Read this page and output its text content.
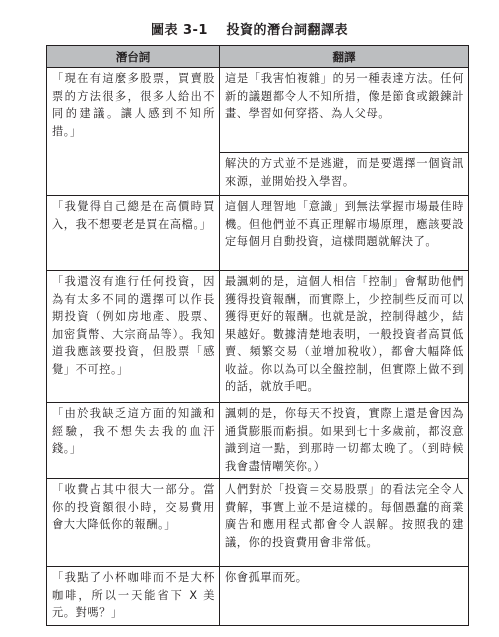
圖表 3-1　 投資的潛台詞翻譯表
潛台詞	翻譯

「現在有這麼多股票，買賣股票的方法很多，很多人給出不同的建議。讓人感到不知所措。」	這是「我害怕複雜」的另一種表達方法。任何新的議題都令人不知所措，像是節食或鍛鍊計畫、學習如何穿搭、為人父母。
解決的方式並不是逃避，而是要選擇一個資訊來源，並開始投入學習。

「我覺得自己總是在高價時買入，我不想要老是買在高檔。」	這個人理智地「意識」到無法掌握市場最佳時機。但他們並不真正理解市場原理，應該要設定每個月自動投資，這樣問題就解決了。

「我還沒有進行任何投資，因為有太多不同的選擇可以作長期投資（例如房地產、股票、加密貨幣、大宗商品等）。我知道我應該要投資，但股票「感覺」不可控。」	最諷刺的是，這個人相信「控制」會幫助他們獲得投資報酬，而實際上，少控制些反而可以獲得更好的報酬。也就是說，控制得越少，結果越好。數據清楚地表明，一般投資者高買低賣、頻繁交易（並增加稅收），都會大幅降低收益。你以為可以全盤控制，但實際上做不到的話，就放手吧。

「由於我缺乏這方面的知識和經驗，我不想失去我的血汗錢。」	諷刺的是，你每天不投資，實際上還是會因為通貨膨脹而虧損。如果到七十多歲前，都沒意識到這一點，到那時一切都太晚了。（到時候我會盡情嘲笑你。）

「收費占其中很大一部分。當你的投資額很小時，交易費用會大大降低你的報酬。」	人們對於「投資＝交易股票」的看法完全令人費解，事實上並不是這樣的。每個愚蠢的商業廣告和應用程式都會令人誤解。按照我的建議，你的投資費用會非常低。

「我點了小杯咖啡而不是大杯咖啡，所以一天能省下 X 美元。對嗎？」	你會孤單而死。
